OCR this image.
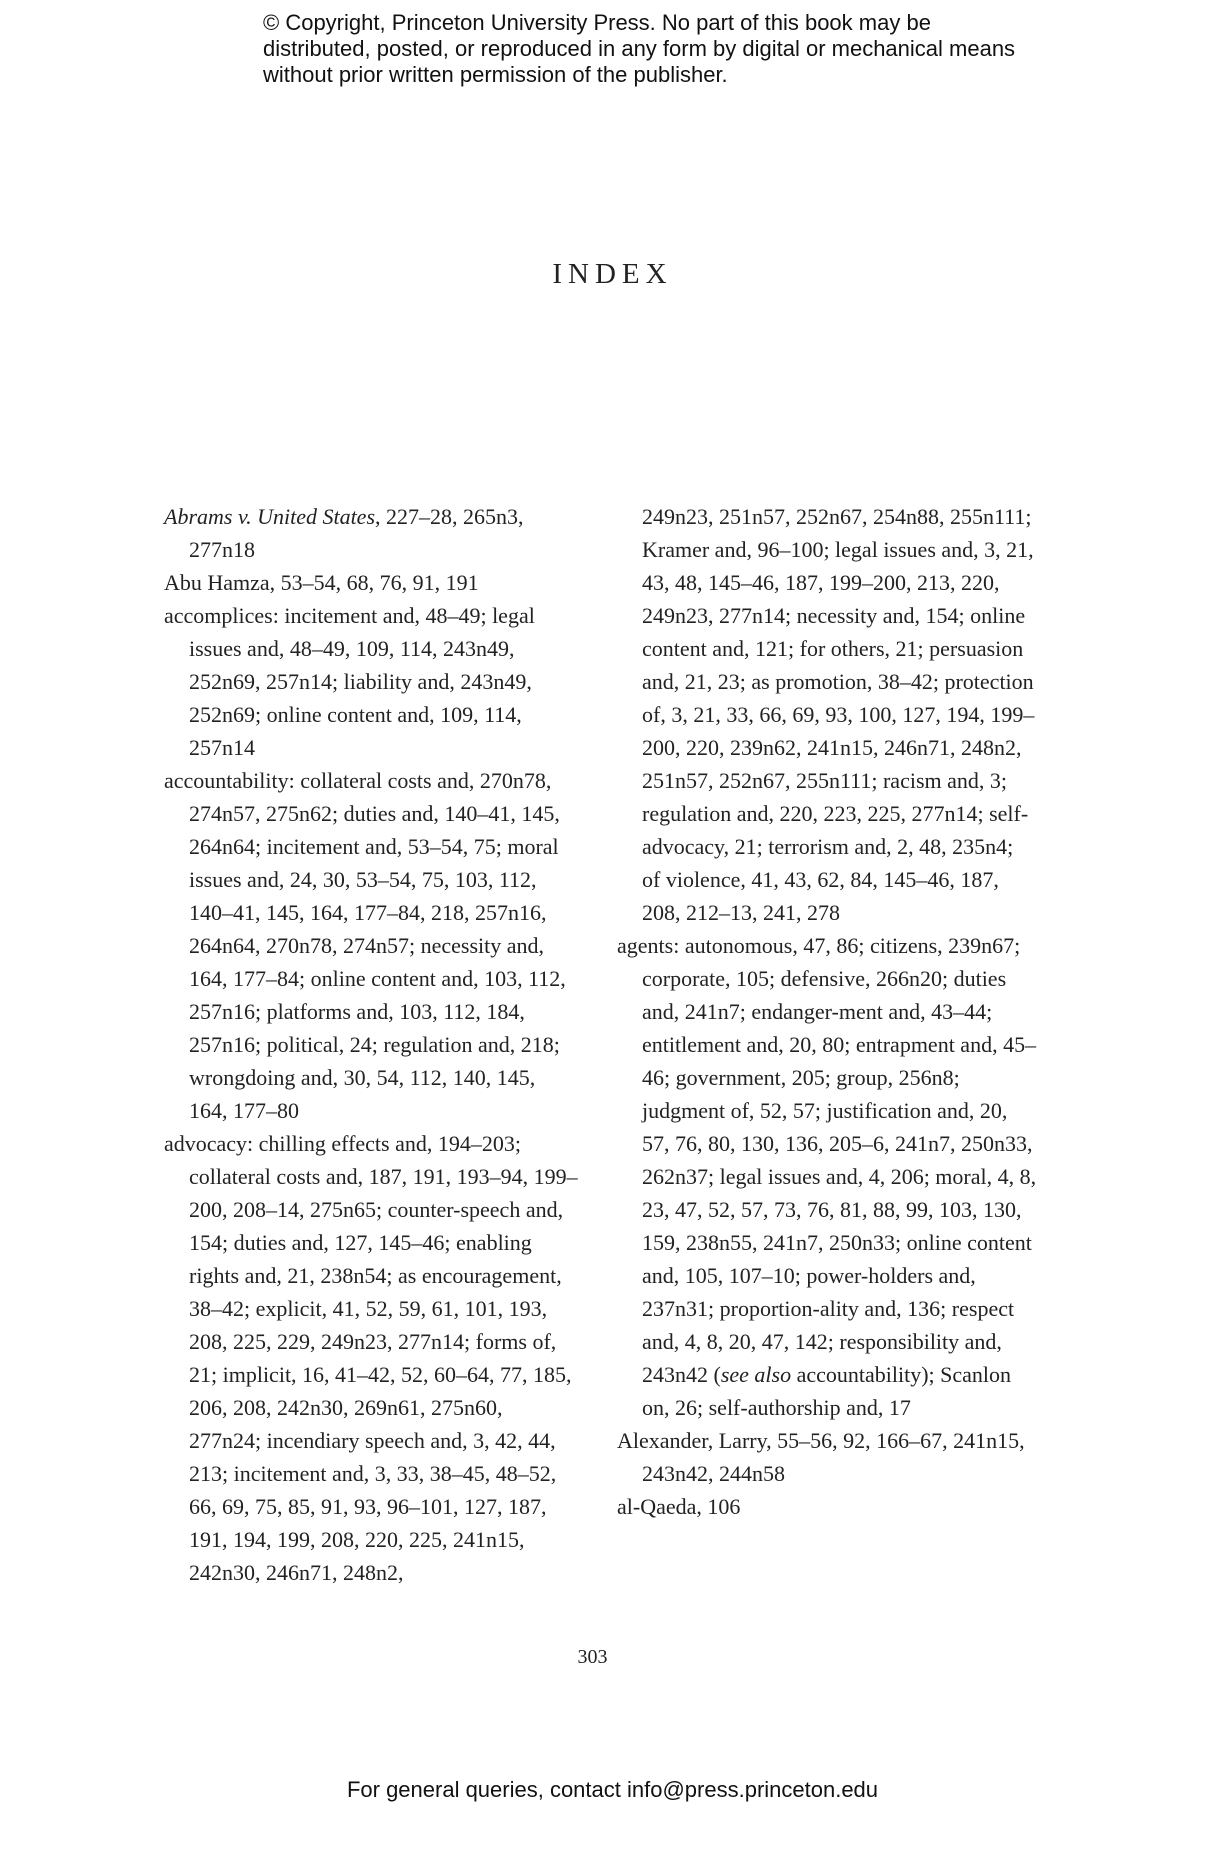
© Copyright, Princeton University Press. No part of this book may be distributed, posted, or reproduced in any form by digital or mechanical means without prior written permission of the publisher.
INDEX

Abrams v. United States, 227–28, 265n3, 277n18

Abu Hamza, 53–54, 68, 76, 91, 191

accomplices: incitement and, 48–49; legal issues and, 48–49, 109, 114, 243n49, 252n69, 257n14; liability and, 243n49, 252n69; online content and, 109, 114, 257n14

accountability: collateral costs and, 270n78, 274n57, 275n62; duties and, 140–41, 145, 264n64; incitement and, 53–54, 75; moral issues and, 24, 30, 53–54, 75, 103, 112, 140–41, 145, 164, 177–84, 218, 257n16, 264n64, 270n78, 274n57; necessity and, 164, 177–84; online content and, 103, 112, 257n16; platforms and, 103, 112, 184, 257n16; political, 24; regulation and, 218; wrongdoing and, 30, 54, 112, 140, 145, 164, 177–80

advocacy: chilling effects and, 194–203; collateral costs and, 187, 191, 193–94, 199–200, 208–14, 275n65; counter-speech and, 154; duties and, 127, 145–46; enabling rights and, 21, 238n54; as encouragement, 38–42; explicit, 41, 52, 59, 61, 101, 193, 208, 225, 229, 249n23, 277n14; forms of, 21; implicit, 16, 41–42, 52, 60–64, 77, 185, 206, 208, 242n30, 269n61, 275n60, 277n24; incendiary speech and, 3, 42, 44, 213; incitement and, 3, 33, 38–45, 48–52, 66, 69, 75, 85, 91, 93, 96–101, 127, 187, 191, 194, 199, 208, 220, 225, 241n15, 242n30, 246n71, 248n2,

249n23, 251n57, 252n67, 254n88, 255n111; Kramer and, 96–100; legal issues and, 3, 21, 43, 48, 145–46, 187, 199–200, 213, 220, 249n23, 277n14; necessity and, 154; online content and, 121; for others, 21; persuasion and, 21, 23; as promotion, 38–42; protection of, 3, 21, 33, 66, 69, 93, 100, 127, 194, 199–200, 220, 239n62, 241n15, 246n71, 248n2, 251n57, 252n67, 255n111; racism and, 3; regulation and, 220, 223, 225, 277n14; self-advocacy, 21; terrorism and, 2, 48, 235n4; of violence, 41, 43, 62, 84, 145–46, 187, 208, 212–13, 241, 278

agents: autonomous, 47, 86; citizens, 239n67; corporate, 105; defensive, 266n20; duties and, 241n7; endanger-ment and, 43–44; entitlement and, 20, 80; entrapment and, 45–46; government, 205; group, 256n8; judgment of, 52, 57; justification and, 20, 57, 76, 80, 130, 136, 205–6, 241n7, 250n33, 262n37; legal issues and, 4, 206; moral, 4, 8, 23, 47, 52, 57, 73, 76, 81, 88, 99, 103, 130, 159, 238n55, 241n7, 250n33; online content and, 105, 107–10; power-holders and, 237n31; proportion-ality and, 136; respect and, 4, 8, 20, 47, 142; responsibility and, 243n42 (see also accountability); Scanlon on, 26; self-authorship and, 17

Alexander, Larry, 55–56, 92, 166–67, 241n15, 243n42, 244n58

al-Qaeda, 106

303
For general queries, contact info@press.princeton.edu
